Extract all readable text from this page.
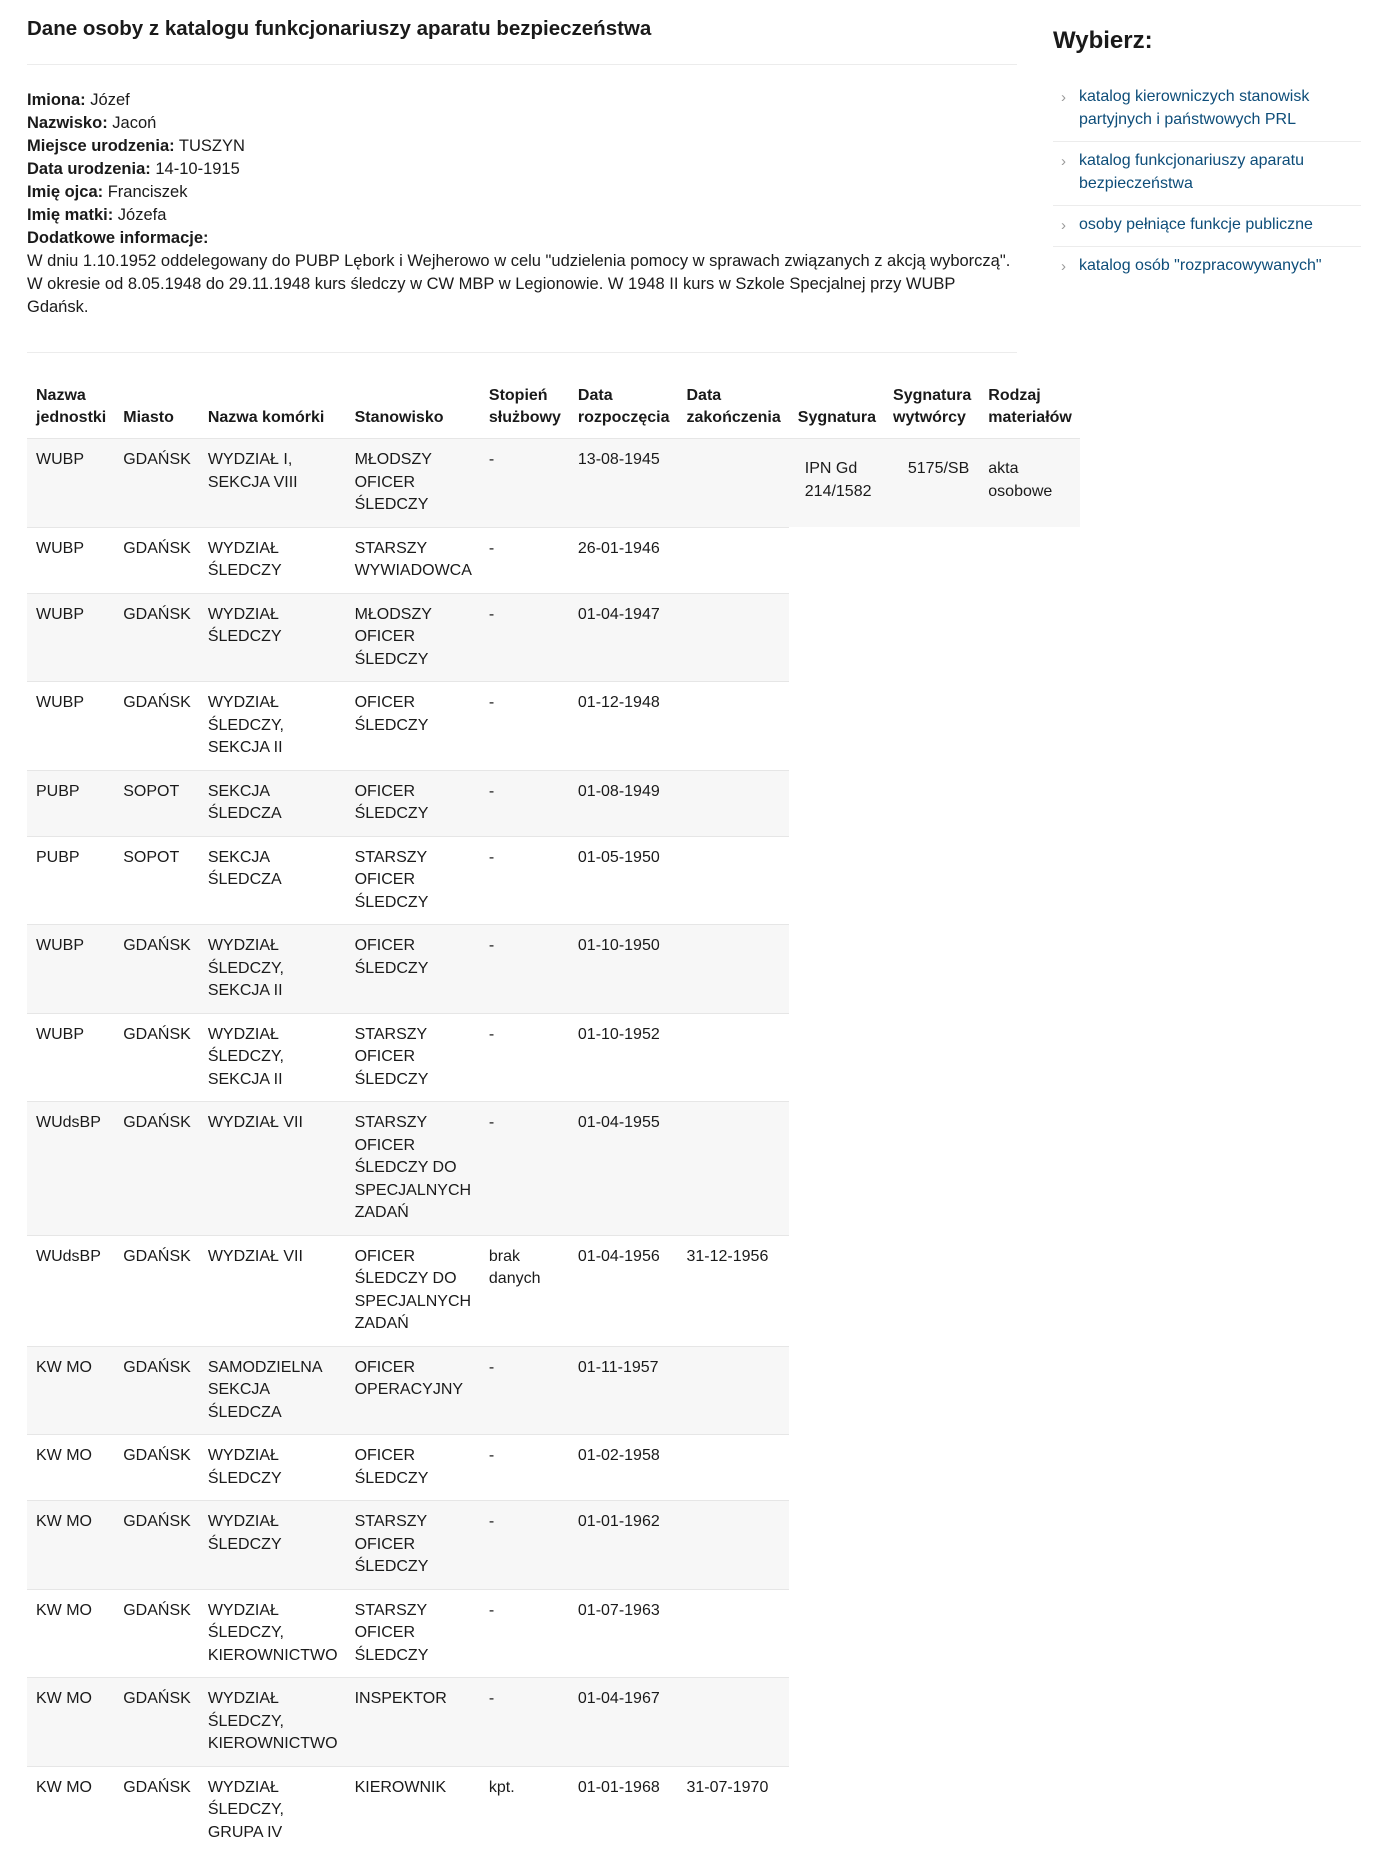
Dane osoby z katalogu funkcjonariuszy aparatu bezpieczeństwa
Imiona: Józef
Nazwisko: Jacoń
Miejsce urodzenia: TUSZYN
Data urodzenia: 14-10-1915
Imię ojca: Franciszek
Imię matki: Józefa
Dodatkowe informacje:
W dniu 1.10.1952 oddelegowany do PUBP Lębork i Wejherowo w celu "udzielenia pomocy w sprawach związanych z akcją wyborczą". W okresie od 8.05.1948 do 29.11.1948 kurs śledczy w CW MBP w Legionowie. W 1948 II kurs w Szkole Specjalnej przy WUBP Gdańsk.
Nazwa jednostki	Miasto	Nazwa komórki	Stanowisko	Stopień służbowy	Data rozpoczęcia	Data zakończenia	Sygnatura	Sygnatura wytwórcy	Rodzaj materiałów
WUBP	GDAŃSK	WYDZIAŁ I, SEKCJA VIII	MŁODSZY OFICER ŚLEDCZY	-	13-08-1945		IPN Gd 214/1582	5175/SB	akta osobowe
WUBP	GDAŃSK	WYDZIAŁ ŚLEDCZY	STARSZY WYWIADOWCA	-	26-01-1946				
WUBP	GDAŃSK	WYDZIAŁ ŚLEDCZY	MŁODSZY OFICER ŚLEDCZY	-	01-04-1947				
WUBP	GDAŃSK	WYDZIAŁ ŚLEDCZY, SEKCJA II	OFICER ŚLEDCZY	-	01-12-1948				
PUBP	SOPOT	SEKCJA ŚLEDCZA	OFICER ŚLEDCZY	-	01-08-1949				
PUBP	SOPOT	SEKCJA ŚLEDCZA	STARSZY OFICER ŚLEDCZY	-	01-05-1950				
WUBP	GDAŃSK	WYDZIAŁ ŚLEDCZY, SEKCJA II	OFICER ŚLEDCZY	-	01-10-1950				
WUBP	GDAŃSK	WYDZIAŁ ŚLEDCZY, SEKCJA II	STARSZY OFICER ŚLEDCZY	-	01-10-1952				
WUdsBP	GDAŃSK	WYDZIAŁ VII	STARSZY OFICER ŚLEDCZY DO SPECJALNYCH ZADAŃ	-	01-04-1955				
WUdsBP	GDAŃSK	WYDZIAŁ VII	OFICER ŚLEDCZY DO SPECJALNYCH ZADAŃ	brak danych	01-04-1956	31-12-1956			
KW MO	GDAŃSK	SAMODZIELNA SEKCJA ŚLEDCZA	OFICER OPERACYJNY	-	01-11-1957				
KW MO	GDAŃSK	WYDZIAŁ ŚLEDCZY	OFICER ŚLEDCZY	-	01-02-1958				
KW MO	GDAŃSK	WYDZIAŁ ŚLEDCZY	STARSZY OFICER ŚLEDCZY	-	01-01-1962				
KW MO	GDAŃSK	WYDZIAŁ ŚLEDCZY, KIEROWNICTWO	STARSZY OFICER ŚLEDCZY	-	01-07-1963				
KW MO	GDAŃSK	WYDZIAŁ ŚLEDCZY, KIEROWNICTWO	INSPEKTOR	-	01-04-1967				
KW MO	GDAŃSK	WYDZIAŁ ŚLEDCZY, GRUPA IV	KIEROWNIK	kpt.	01-01-1968	31-07-1970			
Wybierz:
› katalog kierowniczych stanowisk partyjnych i państwowych PRL
› katalog funkcjonariuszy aparatu bezpieczeństwa
› osoby pełniące funkcje publiczne
› katalog osób "rozpracowywanych"
